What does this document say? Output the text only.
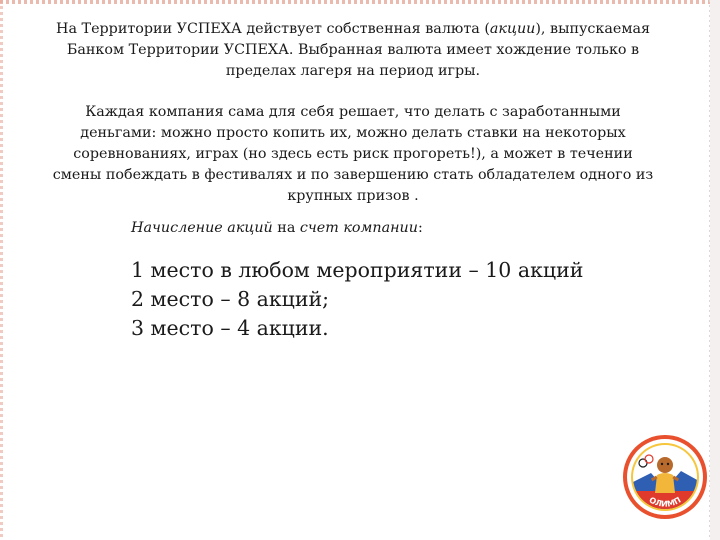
На Территории УСПЕХА действует собственная валюта (акции), выпускаемая Банком Территории УСПЕХА. Выбранная валюта имеет хождение только в пределах лагеря на период игры.

Каждая компания сама для себя решает, что делать с заработанными деньгами: можно просто копить их, можно делать ставки на некоторых соревнованиях, играх (но здесь есть риск прогореть!), а может в течении смены побеждать в фестивалях и по завершению стать обладателем одного из крупных призов .

Начисление акций на счет компании:

1 место в любом мероприятии – 10 акций
2 место – 8 акций;
3 место – 4 акции.
ОЛИМП
